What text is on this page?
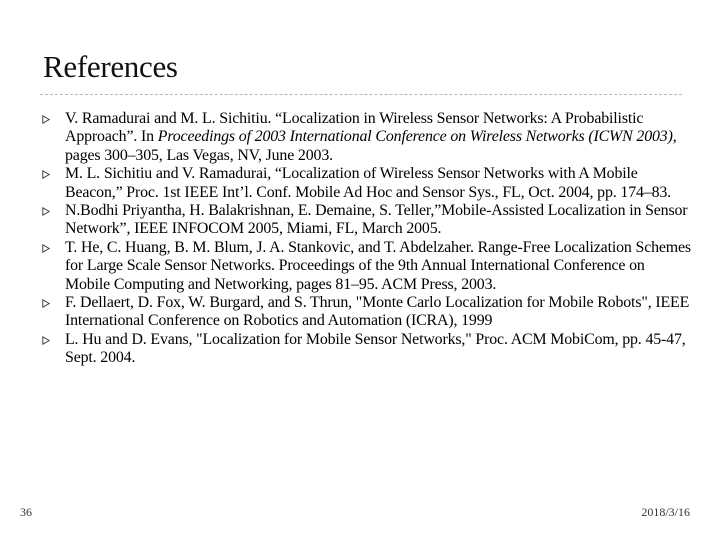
References
V. Ramadurai and M. L. Sichitiu. “Localization in Wireless Sensor Networks: A Probabilistic Approach”. In Proceedings of 2003 International Conference on Wireless Networks (ICWN 2003), pages 300–305, Las Vegas, NV, June 2003.
M. L. Sichitiu and V. Ramadurai, “Localization of Wireless Sensor Networks with A Mobile Beacon,” Proc. 1st IEEE Int’l. Conf. Mobile Ad Hoc and Sensor Sys., FL, Oct. 2004, pp. 174–83.
N.Bodhi Priyantha, H. Balakrishnan, E. Demaine, S. Teller,”Mobile-Assisted Localization in Sensor Network”, IEEE INFOCOM 2005, Miami, FL, March 2005.
T. He, C. Huang, B. M. Blum, J. A. Stankovic, and T. Abdelzaher. Range-Free Localization Schemes for Large Scale Sensor Networks. Proceedings of the 9th Annual International Conference on Mobile Computing and Networking, pages 81–95. ACM Press, 2003.
F. Dellaert, D. Fox, W. Burgard, and S. Thrun, "Monte Carlo Localization for Mobile Robots", IEEE International Conference on Robotics and Automation (ICRA), 1999
L. Hu and D. Evans, "Localization for Mobile Sensor Networks," Proc. ACM MobiCom, pp. 45-47, Sept. 2004.
36	2018/3/16
